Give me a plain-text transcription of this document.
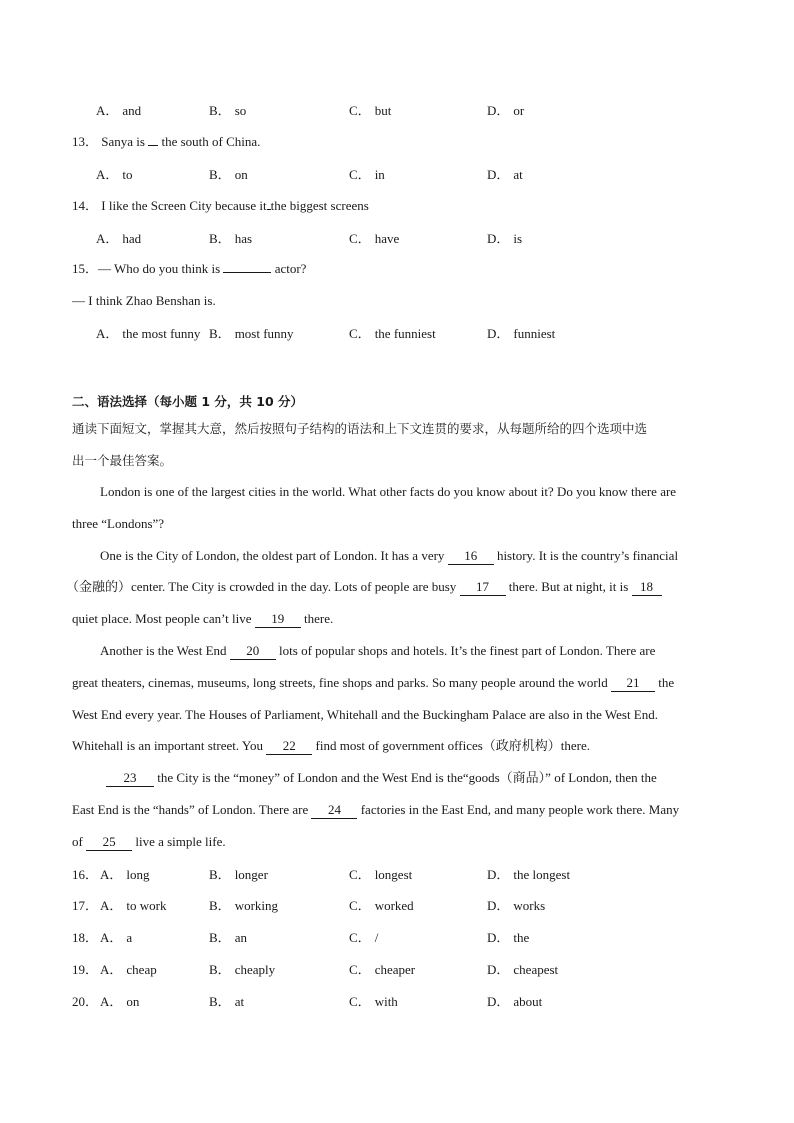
A． and	B． so	C． but	D． or
13． Sanya is the south of China.
A． to	B． on	C． in	D． at
14． I like the Screen City because it the biggest screens
A． had	B． has	C． have	D． is
15．— Who do you think is	actor?
— I think Zhao Benshan is.
A． the most funny B． most funny	C． the funniest	D． funniest
二、语法选择（每小题 1 分，共 10 分）
通读下面短文，掌握其大意，然后按照句子结构的语法和上下文连贯的要求，从每题所给的四个选项中选
出一个最佳答案。
London is one of the largest cities in the world. What other facts do you know about it? Do you know there are
three “Londons”?
One is the City of London, the oldest part of London. It has a very 16 history. It is the country’s financial
（金融的）center. The City is crowded in the day. Lots of people are busy 17 there. But at night, it is 18
quiet place. Most people can’t live 19 there.
Another is the West End 20 lots of popular shops and hotels. It’s the finest part of London. There are
great theaters, cinemas, museums, long streets, fine shops and parks. So many people around the world 21 the
West End every year. The Houses of Parliament, Whitehall and the Buckingham Palace are also in the West End.
Whitehall is an important street. You 22 find most of government offices（政府机构）there.
23 the City is the “money” of London and the West End is the“goods（商品）” of London, then the
East End is the “hands” of London. There are 24 factories in the East End, and many people work there. Many
of 25 live a simple life.
16． A． long	B． longer	C． longest	D． the longest
17． A． to work	B． working	C． worked	D． works
18． A． a	B． an	C． /	D． the
19． A． cheap	B． cheaply	C． cheaper	D． cheapest
20． A． on	B． at	C． with	D． about
